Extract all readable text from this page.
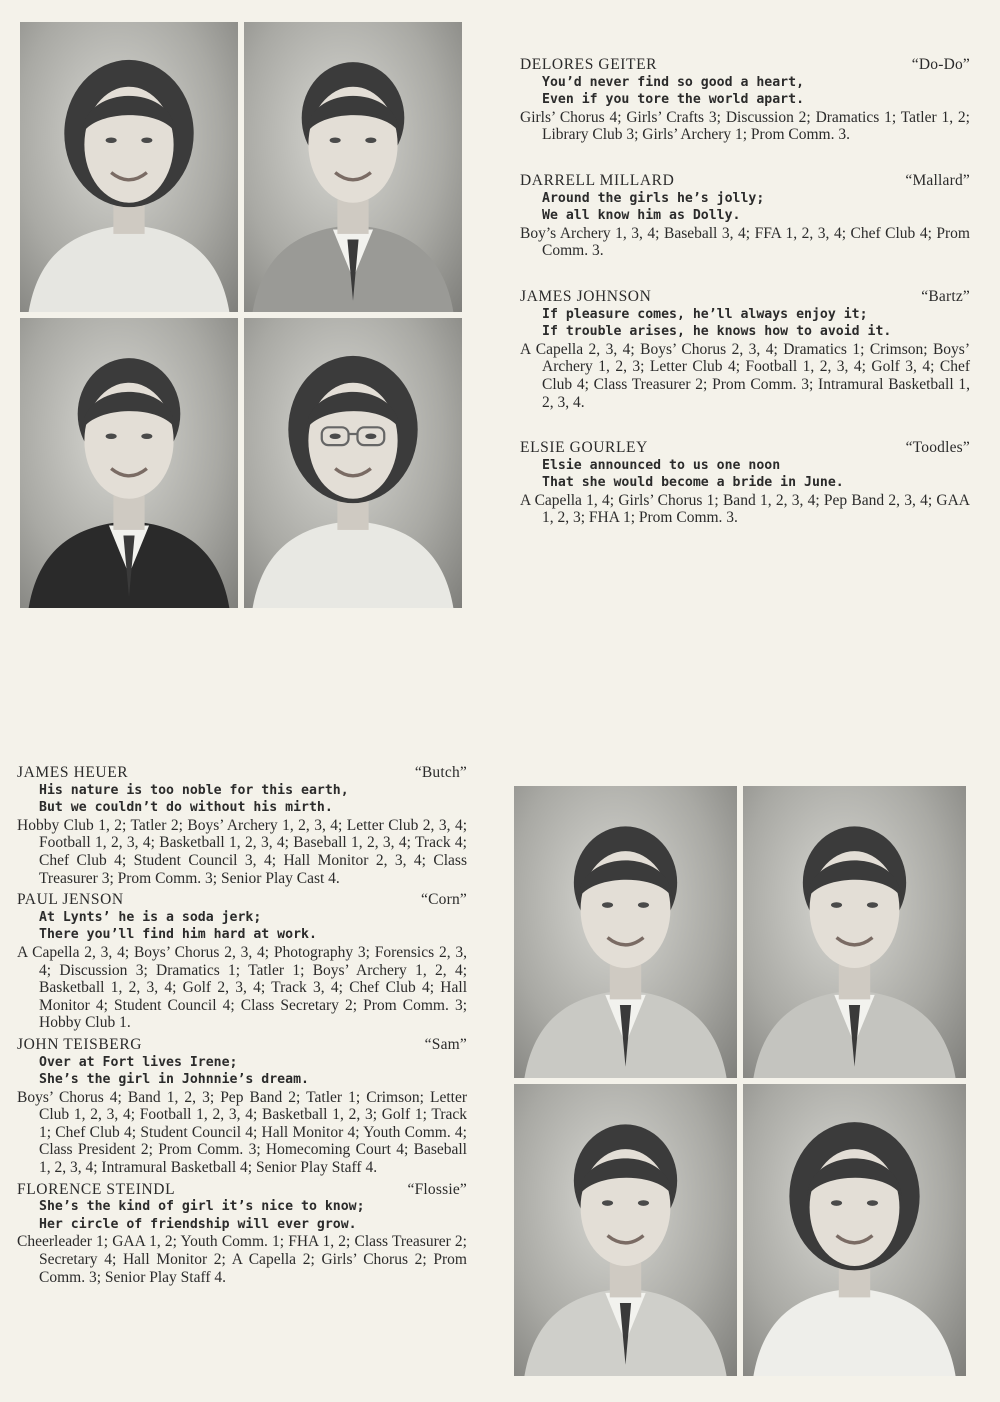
DELORES GEITER	“Do-Do”
You’d never find so good a heart,
Even if you tore the world apart.
Girls’ Chorus 4; Girls’ Crafts 3; Discussion 2; Dramatics 1; Tatler 1, 2; Library Club 3; Girls’ Archery 1; Prom Comm. 3.
DARRELL MILLARD	“Mallard”
Around the girls he’s jolly;
We all know him as Dolly.
Boy’s Archery 1, 3, 4; Baseball 3, 4; FFA 1, 2, 3, 4; Chef Club 4; Prom Comm. 3.
JAMES JOHNSON	“Bartz”
If pleasure comes, he’ll always enjoy it;
If trouble arises, he knows how to avoid it.
A Capella 2, 3, 4; Boys’ Chorus 2, 3, 4; Dramatics 1; Crimson; Boys’ Archery 1, 2, 3; Letter Club 4; Football 1, 2, 3, 4; Golf 3, 4; Chef Club 4; Class Treasurer 2; Prom Comm. 3; Intramural Basketball 1, 2, 3, 4.
ELSIE GOURLEY	“Toodles”
Elsie announced to us one noon
That she would become a bride in June.
A Capella 1, 4; Girls’ Chorus 1; Band 1, 2, 3, 4; Pep Band 2, 3, 4; GAA 1, 2, 3; FHA 1; Prom Comm. 3.
JAMES HEUER	“Butch”
His nature is too noble for this earth,
But we couldn’t do without his mirth.
Hobby Club 1, 2; Tatler 2; Boys’ Archery 1, 2, 3, 4; Letter Club 2, 3, 4; Football 1, 2, 3, 4; Basketball 1, 2, 3, 4; Baseball 1, 2, 3, 4; Track 4; Chef Club 4; Student Council 3, 4; Hall Monitor 2, 3, 4; Class Treasurer 3; Prom Comm. 3; Senior Play Cast 4.
PAUL JENSON	“Corn”
At Lynts’ he is a soda jerk;
There you’ll find him hard at work.
A Capella 2, 3, 4; Boys’ Chorus 2, 3, 4; Photography 3; Forensics 2, 3, 4; Discussion 3; Dramatics 1; Tatler 1; Boys’ Archery 1, 2, 4; Basketball 1, 2, 3, 4; Golf 2, 3, 4; Track 3, 4; Chef Club 4; Hall Monitor 4; Student Council 4; Class Secretary 2; Prom Comm. 3; Hobby Club 1.
JOHN TEISBERG	“Sam”
Over at Fort lives Irene;
She’s the girl in Johnnie’s dream.
Boys’ Chorus 4; Band 1, 2, 3; Pep Band 2; Tatler 1; Crimson; Letter Club 1, 2, 3, 4; Football 1, 2, 3, 4; Basketball 1, 2, 3; Golf 1; Track 1; Chef Club 4; Student Council 4; Hall Monitor 4; Youth Comm. 4; Class President 2; Prom Comm. 3; Homecoming Court 4; Baseball 1, 2, 3, 4; Intramural Basketball 4; Senior Play Staff 4.
FLORENCE STEINDL	“Flossie”
She’s the kind of girl it’s nice to know;
Her circle of friendship will ever grow.
Cheerleader 1; GAA 1, 2; Youth Comm. 1; FHA 1, 2; Class Treasurer 2; Secretary 4; Hall Monitor 2; A Capella 2; Girls’ Chorus 2; Prom Comm. 3; Senior Play Staff 4.
